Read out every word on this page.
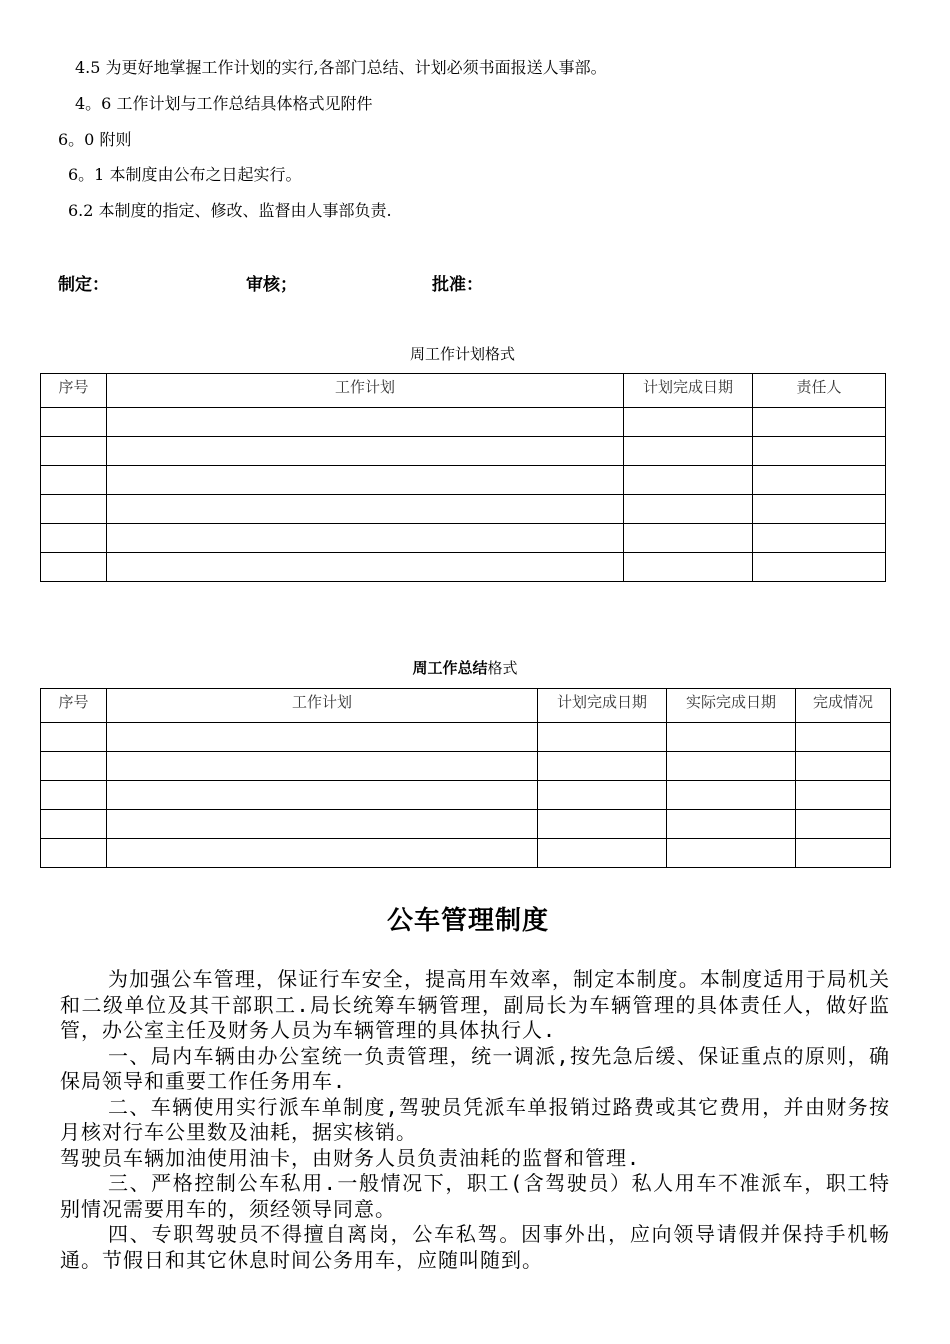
4.5 为更好地掌握工作计划的实行,各部门总结、计划必须书面报送人事部。
4。6 工作计划与工作总结具体格式见附件
6。0 附则
6。1 本制度由公布之日起实行。
6.2 本制度的指定、修改、监督由人事部负责.
制定：	审核；	批准：
周工作计划格式
序号	工作计划	计划完成日期	责任人

周工作总结格式
序号	工作计划	计划完成日期	实际完成日期	完成情况

公车管理制度

为加强公车管理，保证行车安全，提高用车效率，制定本制度。本制度适用于局机关和二级单位及其干部职工.局长统筹车辆管理，副局长为车辆管理的具体责任人，做好监管，办公室主任及财务人员为车辆管理的具体执行人.

一、局内车辆由办公室统一负责管理，统一调派,按先急后缓、保证重点的原则，确保局领导和重要工作任务用车.

二、车辆使用实行派车单制度,驾驶员凭派车单报销过路费或其它费用，并由财务按月核对行车公里数及油耗，据实核销。

驾驶员车辆加油使用油卡，由财务人员负责油耗的监督和管理.

三、严格控制公车私用.一般情况下，职工(含驾驶员）私人用车不准派车，职工特别情况需要用车的，须经领导同意。

四、专职驾驶员不得擅自离岗，公车私驾。因事外出，应向领导请假并保持手机畅通。节假日和其它休息时间公务用车，应随叫随到。
